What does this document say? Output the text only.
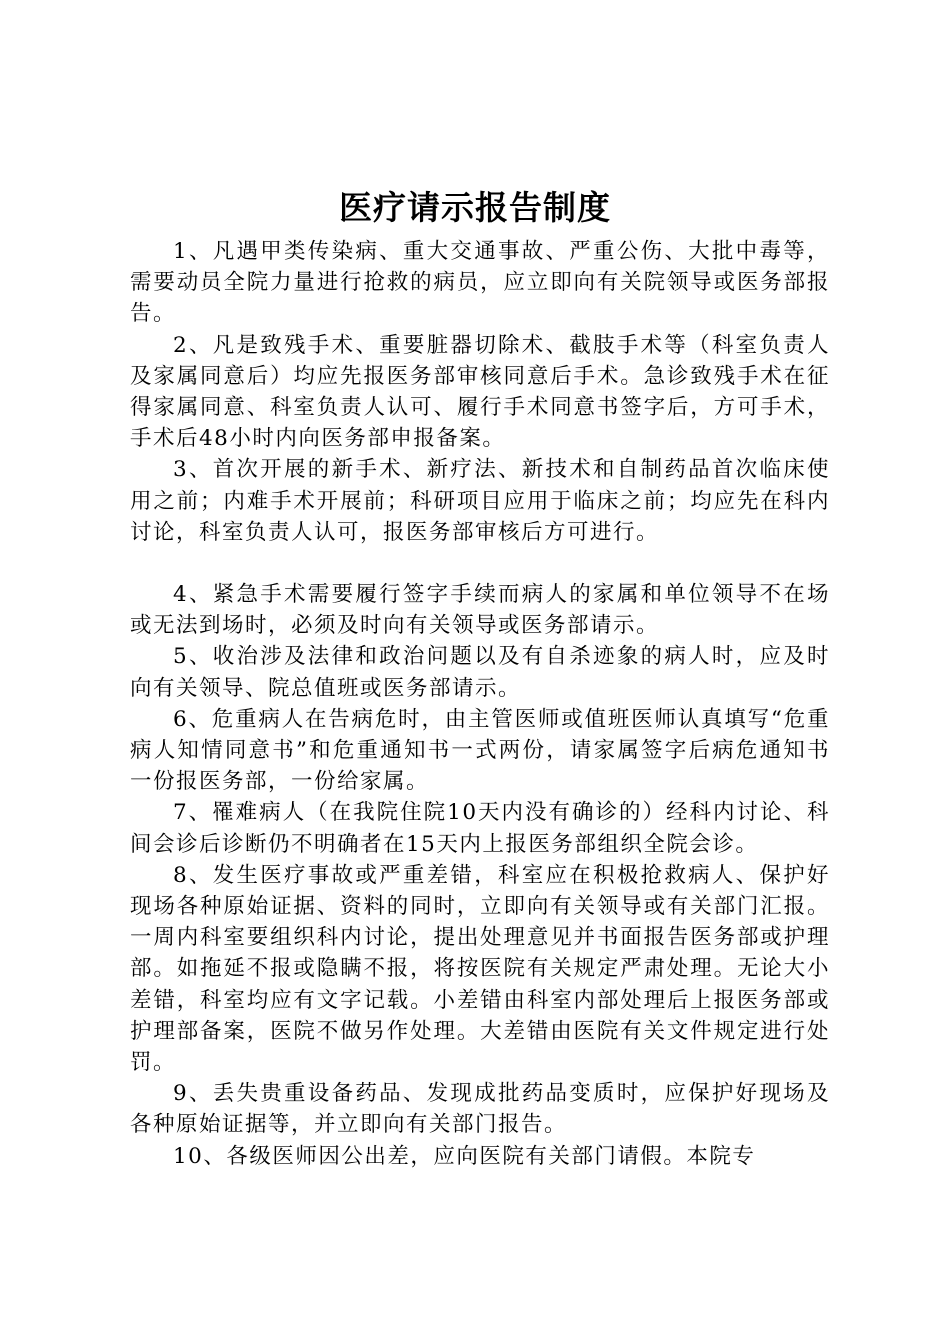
医疗请示报告制度

1、凡遇甲类传染病、重大交通事故、严重公伤、大批中毒等，需要动员全院力量进行抢救的病员，应立即向有关院领导或医务部报告。

2、凡是致残手术、重要脏器切除术、截肢手术等（科室负责人及家属同意后）均应先报医务部审核同意后手术。急诊致残手术在征得家属同意、科室负责人认可、履行手术同意书签字后，方可手术，手术后48小时内向医务部申报备案。

3、首次开展的新手术、新疗法、新技术和自制药品首次临床使用之前；内难手术开展前；科研项目应用于临床之前；均应先在科内讨论，科室负责人认可，报医务部审核后方可进行。

4、紧急手术需要履行签字手续而病人的家属和单位领导不在场或无法到场时，必须及时向有关领导或医务部请示。

5、收治涉及法律和政治问题以及有自杀迹象的病人时，应及时向有关领导、院总值班或医务部请示。

6、危重病人在告病危时，由主管医师或值班医师认真填写“危重病人知情同意书”和危重通知书一式两份，请家属签字后病危通知书一份报医务部，一份给家属。

7、罹难病人（在我院住院10天内没有确诊的）经科内讨论、科间会诊后诊断仍不明确者在15天内上报医务部组织全院会诊。

8、发生医疗事故或严重差错，科室应在积极抢救病人、保护好现场各种原始证据、资料的同时，立即向有关领导或有关部门汇报。一周内科室要组织科内讨论，提出处理意见并书面报告医务部或护理部。如拖延不报或隐瞒不报，将按医院有关规定严肃处理。无论大小差错，科室均应有文字记载。小差错由科室内部处理后上报医务部或护理部备案，医院不做另作处理。大差错由医院有关文件规定进行处罚。

9、丢失贵重设备药品、发现成批药品变质时，应保护好现场及各种原始证据等，并立即向有关部门报告。

10、各级医师因公出差，应向医院有关部门请假。本院专
